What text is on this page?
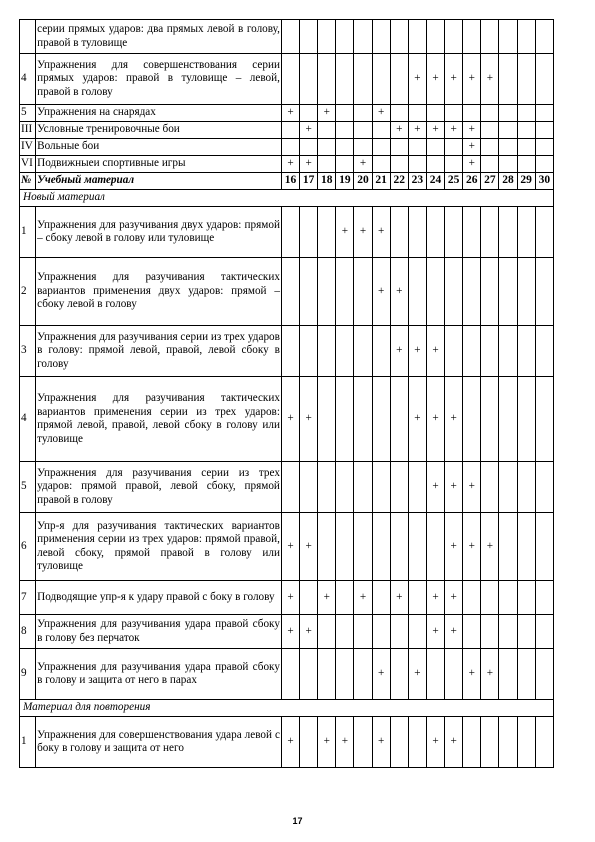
	серии прямых ударов: два прямых левой в голову, правой в туловище															
4	Упражнения для совершенствования серии прямых ударов: правой в туловище – левой, правой в голову								+	+	+	+	+			
5	Упражнения на снарядах	+		+			+									
III	Условные тренировочные бои		+					+	+	+	+	+				
IV	Вольные бои											+				
VI	Подвижныеи спортивные игры	+	+			+						+				
№	Учебный материал	16	17	18	19	20	21	22	23	24	25	26	27	28	29	30
Новый материал																
1	Упражнения для разучивания двух ударов: прямой – сбоку левой в голову или туловище				+	+	+									
2	Упражнения для разучивания тактических вариантов применения двух ударов: прямой – сбоку левой в голову						+	+								
3	Упражнения для разучивания серии из трех ударов в голову: прямой левой, правой, левой сбоку в голову							+	+	+						
4	Упражнения для разучивания тактических вариантов применения серии из трех ударов: прямой левой, правой, левой сбоку в голову или туловище	+	+						+	+	+					
5	Упражнения для разучивания серии из трех ударов: прямой правой, левой сбоку, прямой правой в голову									+	+	+				
6	Упр-я для разучивания тактических вариантов применения серии из трех ударов: прямой правой, левой сбоку, прямой правой в голову или туловище	+	+								+	+	+			
7	Подводящие упр-я к удару правой с боку в голову	+		+		+		+		+	+					
8	Упражнения для разучивания удара правой сбоку в голову без перчаток	+	+							+	+					
9	Упражнения для разучивания удара правой сбоку в голову и защита от него в парах						+		+			+	+			
Материал для повторения																
1	Упражнения для совершенствования удара левой с боку в голову и защита от него	+		+	+		+			+	+					
17
